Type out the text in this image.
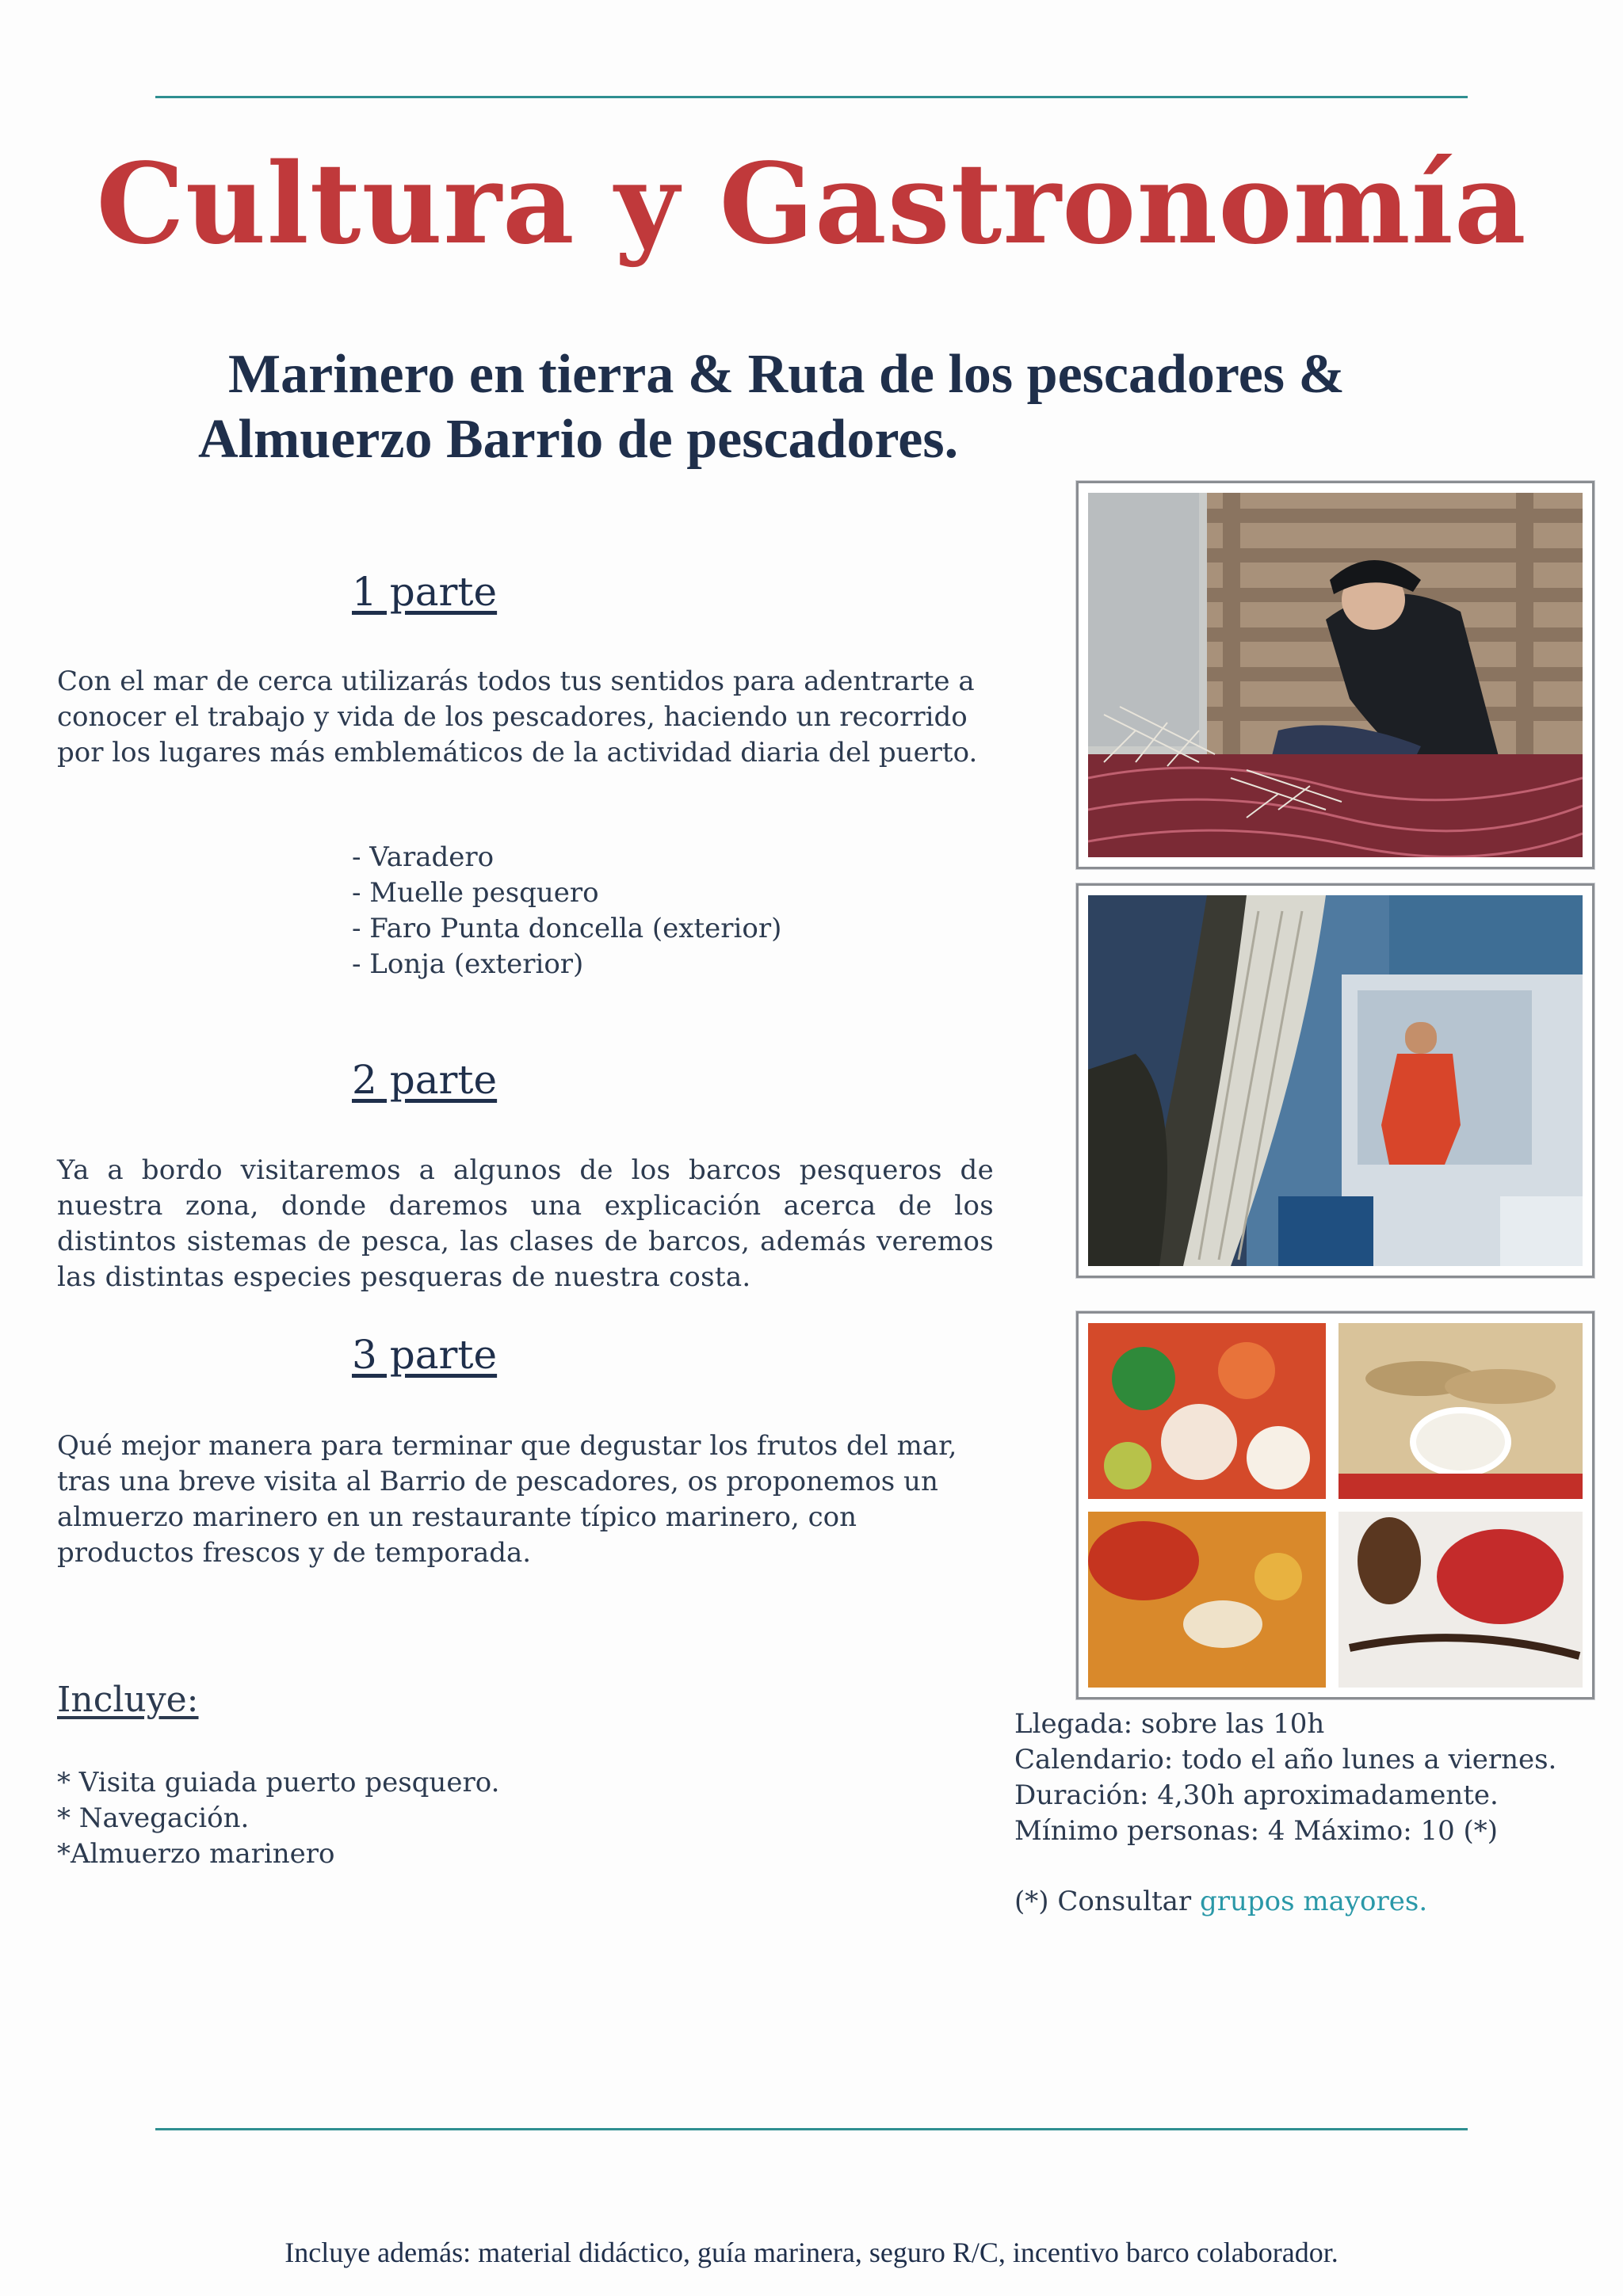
Cultura y Gastronomía
Marinero en tierra & Ruta de los pescadores &
Almuerzo Barrio de pescadores.
1 parte

Con el mar de cerca utilizarás todos tus sentidos para adentrarte a conocer el trabajo y vida de los pescadores, haciendo un recorrido por los lugares más emblemáticos de la actividad diaria del puerto.

- Varadero
- Muelle pesquero
- Faro Punta doncella (exterior)
- Lonja (exterior)
2 parte

Ya a bordo visitaremos a algunos de los barcos pesqueros de nuestra zona, donde daremos una explicación acerca de los distintos sistemas de pesca, las clases de barcos, además veremos las distintas especies pesqueras de nuestra costa.

3 parte

Qué mejor manera para terminar que degustar los frutos del mar, tras una breve visita al Barrio de pescadores, os proponemos un almuerzo marinero en un restaurante típico marinero, con productos frescos y de temporada.

Incluye:
* Visita guiada puerto pesquero.
* Navegación.
*Almuerzo marinero
Llegada: sobre las 10h
Calendario: todo el año lunes a viernes.
Duración: 4,30h aproximadamente.
Mínimo personas: 4 Máximo: 10 (*)

(*) Consultar grupos mayores.

Incluye además: material didáctico, guía marinera, seguro R/C, incentivo barco colaborador.
